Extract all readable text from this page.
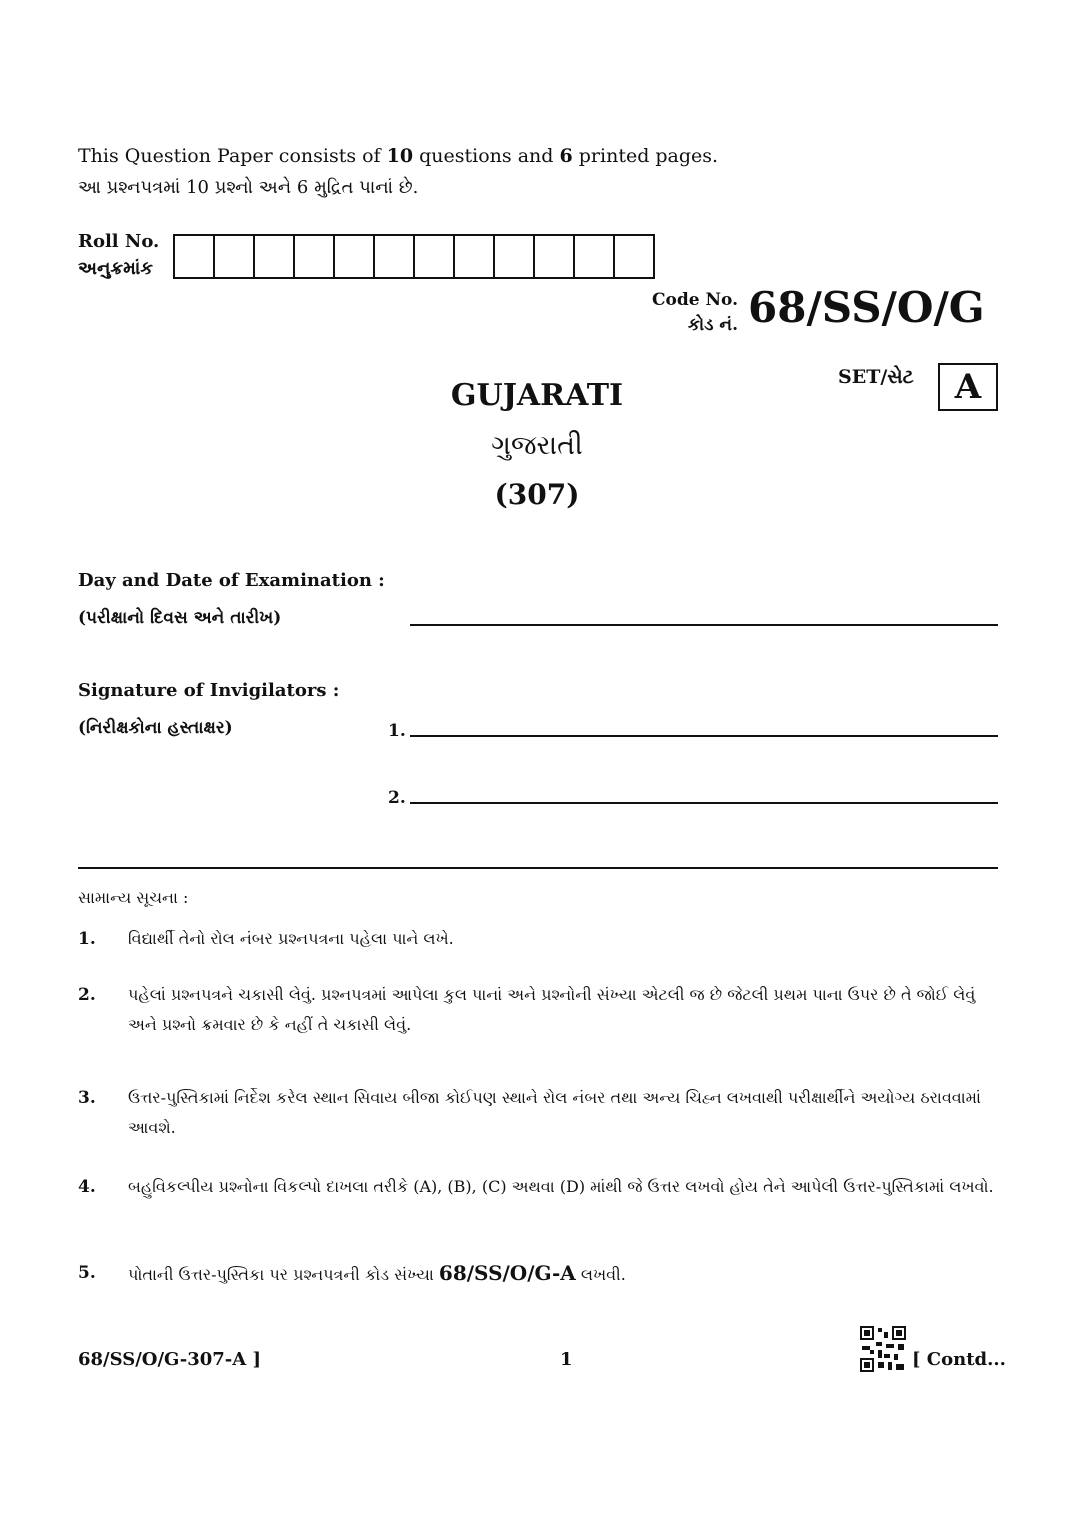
This Question Paper consists of 10 questions and 6 printed pages.
આ પ્રશ્નપત્રમાં 10 પ્રશ્નો અને 6 મુદ્રિત પાનાં છે.
Roll No.
અનુક્રમાંક
Code No.
કોડ નં. 68/SS/O/G
SET/સેટ	A
GUJARATI
ગુજરાતી
(307)
Day and Date of Examination :
(પરીક્ષાનો દિવસ અને તારીખ)
Signature of Invigilators :
(નિરીક્ષકોના હસ્તાક્ષર)	1.
2.
સામાન્ય સૂચના :
1. વિદ્યાર્થી તેનો રોલ નંબર પ્રશ્નપત્રના પહેલા પાને લખે.
2. પહેલાં પ્રશ્નપત્રને ચકાસી લેવું. પ્રશ્નપત્રમાં આપેલા કુલ પાનાં અને પ્રશ્નોની સંખ્યા એટલી જ છે જેટલી પ્રથમ પાના ઉપર છે તે જોઈ લેવું અને પ્રશ્નો ક્રમવાર છે કે નહીં તે ચકાસી લેવું.
3. ઉત્તર-પુસ્તિકામાં નિર્દેશ કરેલ સ્થાન સિવાય બીજા કોઈપણ સ્થાને રોલ નંબર તથા અન્ય ચિહ્ન લખવાથી પરીક્ષાર્થીને અયોગ્ય ઠરાવવામાં આવશે.
4. બહુવિકલ્પીય પ્રશ્નોના વિકલ્પો દાખલા તરીકે (A), (B), (C) અથવા (D) માંથી જે ઉત્તર લખવો હોય તેને આપેલી ઉત્તર-પુસ્તિકામાં લખવો.
5. પોતાની ઉત્તર-પુસ્તિકા પર પ્રશ્નપત્રની કોડ સંખ્યા 68/SS/O/G-A લખવી.
68/SS/O/G-307-A ]	1	[ Contd...
